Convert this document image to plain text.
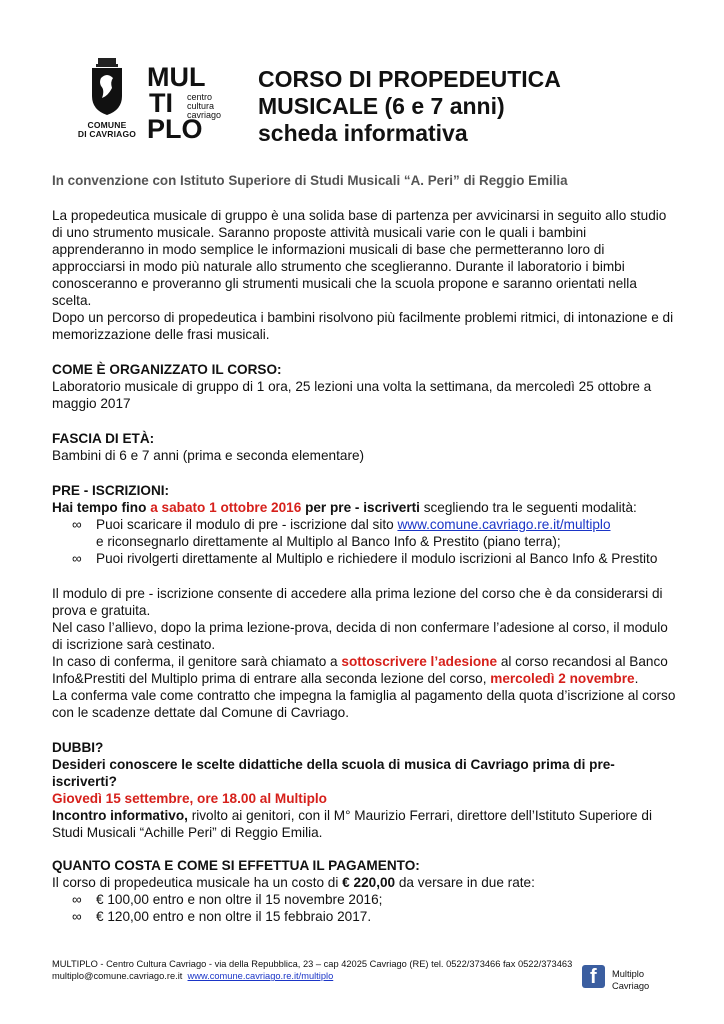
COMUNE
DI CAVRIAGO
MUL
TI
PLO
centro
cultura
cavriago
CORSO DI PROPEDEUTICA
MUSICALE (6 e 7 anni)
scheda informativa

In convenzione con Istituto Superiore di Studi Musicali “A. Peri” di Reggio Emilia

La propedeutica musicale di gruppo è una solida base di partenza per avvicinarsi in seguito allo studio di uno strumento musicale. Saranno proposte attività musicali varie con le quali i bambini apprenderanno in modo semplice le informazioni musicali di base che permetteranno loro di approcciarsi in modo più naturale allo strumento che sceglieranno. Durante il laboratorio i bimbi conosceranno e proveranno gli strumenti musicali che la scuola propone e saranno orientati nella scelta.

Dopo un percorso di propedeutica i bambini risolvono più facilmente problemi ritmici, di intonazione e di memorizzazione delle frasi musicali.

COME È ORGANIZZATO IL CORSO:

Laboratorio musicale di gruppo di 1 ora, 25 lezioni una volta la settimana, da mercoledì 25 ottobre a maggio 2017

FASCIA DI ETÀ:

Bambini di 6 e 7 anni (prima e seconda elementare)

PRE - ISCRIZIONI:

Hai tempo fino a sabato 1 ottobre 2016 per pre - iscriverti scegliendo tra le seguenti modalità:

∞ Puoi scaricare il modulo di pre - iscrizione dal sito www.comune.cavriago.re.it/multiplo
e riconsegnarlo direttamente al Multiplo al Banco Info & Prestito (piano terra);
∞ Puoi rivolgerti direttamente al Multiplo e richiedere il modulo iscrizioni al Banco Info & Prestito

Il modulo di pre - iscrizione consente di accedere alla prima lezione del corso che è da considerarsi di prova e gratuita.

Nel caso l’allievo, dopo la prima lezione-prova, decida di non confermare l’adesione al corso, il modulo di iscrizione sarà cestinato.

In caso di conferma, il genitore sarà chiamato a sottoscrivere l’adesione al corso recandosi al Banco Info&Prestiti del Multiplo prima di entrare alla seconda lezione del corso, mercoledì 2 novembre.

La conferma vale come contratto che impegna la famiglia al pagamento della quota d’iscrizione al corso con le scadenze dettate dal Comune di Cavriago.

DUBBI?

Desideri conoscere le scelte didattiche della scuola di musica di Cavriago prima di pre-iscriverti?

Giovedì 15 settembre, ore 18.00 al Multiplo

Incontro informativo, rivolto ai genitori, con il M° Maurizio Ferrari, direttore dell’Istituto Superiore di Studi Musicali “Achille Peri” di Reggio Emilia.

QUANTO COSTA E COME SI EFFETTUA IL PAGAMENTO:

Il corso di propedeutica musicale ha un costo di € 220,00 da versare in due rate:

∞ € 100,00 entro e non oltre il 15 novembre 2016;
∞ € 120,00 entro e non oltre il 15 febbraio 2017.
MULTIPLO - Centro Cultura Cavriago - via della Repubblica, 23 – cap 42025 Cavriago (RE) tel. 0522/373466 fax 0522/373463
multiplo@comune.cavriago.re.it www.comune.cavriago.re.it/multiplo	f Multiplo
Cavriago
